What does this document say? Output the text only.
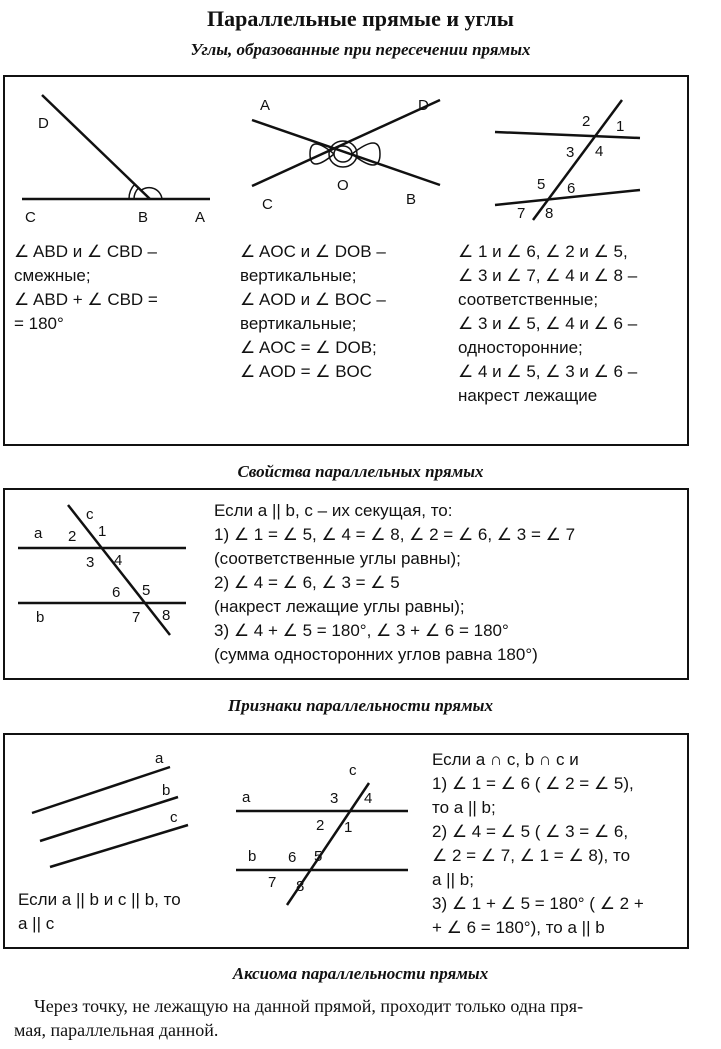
Параллельные прямые и углы
Углы, образованные при пересечении прямых
D
C	B	A
A	D
C
O
B
2 1
3 4
5 6
7 8
∠ ABD и ∠ CBD –
смежные;
∠ ABD + ∠ CBD =
= 180°
∠ AOC и ∠ DOB –
вертикальные;
∠ AOD и ∠ BOC –
вертикальные;
∠ AOC = ∠ DOB;
∠ AOD = ∠ BOC
∠ 1 и ∠ 6, ∠ 2 и ∠ 5,
∠ 3 и ∠ 7, ∠ 4 и ∠ 8 –
соответственные;
∠ 3 и ∠ 5, ∠ 4 и ∠ 6 –
односторонние;
∠ 4 и ∠ 5, ∠ 3 и ∠ 6 –
накрест лежащие
Свойства параллельных прямых
c
a
b
2 1
3 4
6 5
7 8
Если a || b, c – их секущая, то:
1) ∠ 1 = ∠ 5, ∠ 4 = ∠ 8, ∠ 2 = ∠ 6, ∠ 3 = ∠ 7
(соответственные углы равны);
2) ∠ 4 = ∠ 6, ∠ 3 = ∠ 5
(накрест лежащие углы равны);
3) ∠ 4 + ∠ 5 = 180°, ∠ 3 + ∠ 6 = 180°
(сумма односторонних углов равна 180°)
Признаки параллельности прямых
a
b
c
Если a || b и c || b, то
a || c
c
a
b
3 4
2 1
6 5
7 8
Если a ∩ c, b ∩ c и
1) ∠ 1 = ∠ 6 ( ∠ 2 = ∠ 5),
то a || b;
2) ∠ 4 = ∠ 5 ( ∠ 3 = ∠ 6,
∠ 2 = ∠ 7, ∠ 1 = ∠ 8), то
a || b;
3) ∠ 1 + ∠ 5 = 180° ( ∠ 2 +
+ ∠ 6 = 180°), то a || b
Аксиома параллельности прямых
Через точку, не лежащую на данной прямой, проходит только одна пря-
мая, параллельная данной.
